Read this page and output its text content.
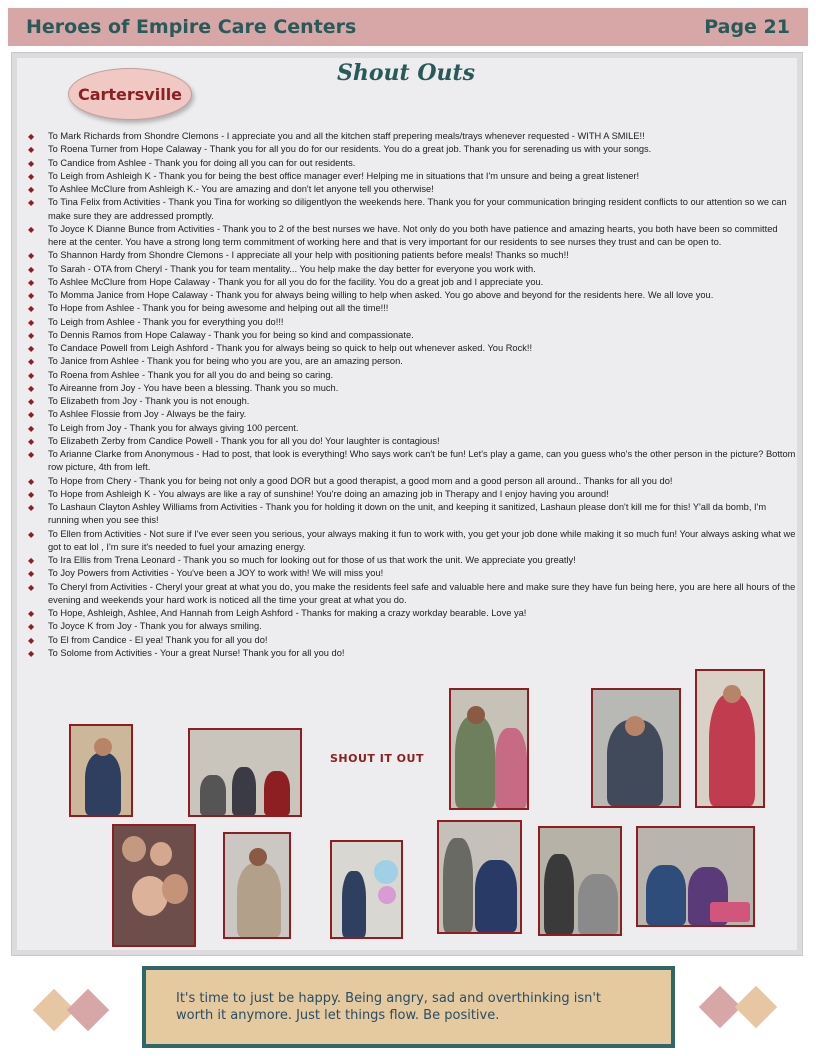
Heroes of Empire Care Centers	Page 21
Cartersville
Shout Outs
◆ To Mark Richards from Shondre Clemons - I appreciate you and all the kitchen staff prepering meals/trays whenever requested - WITH A SMILE!!
◆ To Roena Turner from Hope Calaway - Thank you for all you do for our residents. You do a great job. Thank you for serenading us with your songs.
◆ To Candice from Ashlee - Thank you for doing all you can for out residents.
◆ To Leigh from Ashleigh K - Thank you for being the best office manager ever! Helping me in situations that I'm unsure and being a great listener!
◆ To Ashlee McClure from Ashleigh K.- You are amazing and don't let anyone tell you otherwise!
◆ To Tina Felix from Activities - Thank you Tina for working so diligentlyon the weekends here. Thank you for your communication bringing resident conflicts to our attention so we can make sure they are addressed promptly.
◆ To Joyce K Dianne Bunce from Activities - Thank you to 2 of the best nurses we have. Not only do you both have patience and amazing hearts, you both have been so committed here at the center. You have a strong long term commitment of working here and that is very important for our residents to see nurses they trust and can be open to.
◆ To Shannon Hardy from Shondre Clemons - I appreciate all your help with positioning patients before meals! Thanks so much!!
◆ To Sarah - OTA from Cheryl - Thank you for team mentality... You help make the day better for everyone you work with.
◆ To Ashlee McClure from Hope Calaway - Thank you for all you do for the facility. You do a great job and I appreciate you.
◆ To Momma Janice from Hope Calaway - Thank you for always being willing to help when asked. You go above and beyond for the residents here. We all love you.
◆ To Hope from Ashlee - Thank you for being awesome and helping out all the time!!!
◆ To Leigh from Ashlee - Thank you for everything you do!!!
◆ To Dennis Ramos from Hope Calaway - Thank you for being so kind and compassionate.
◆ To Candace Powell from Leigh Ashford - Thank you for always being so quick to help out whenever asked. You Rock!!
◆ To Janice from Ashlee - Thank you for being who you are you, are an amazing person.
◆ To Roena from Ashlee - Thank you for all you do and being so caring.
◆ To Aireanne from Joy - You have been a blessing. Thank you so much.
◆ To Elizabeth from Joy - Thank you is not enough.
◆ To Ashlee Flossie from Joy - Always be the fairy.
◆ To Leigh from Joy - Thank you for always giving 100 percent.
◆ To Elizabeth Zerby from Candice Powell - Thank you for all you do! Your laughter is contagious!
◆ To Arianne Clarke from Anonymous - Had to post, that look is everything! Who says work can't be fun! Let's play a game, can you guess who's the other person in the picture? Bottom row picture, 4th from left.
◆ To Hope from Chery - Thank you for being not only a good DOR but a good therapist, a good mom and a good person all around.. Thanks for all you do!
◆ To Hope from Ashleigh K - You always are like a ray of sunshine! You're doing an amazing job in Therapy and I enjoy having you around!
◆ To Lashaun Clayton Ashley Williams from Activities - Thank you for holding it down on the unit, and keeping it sanitized, Lashaun please don't kill me for this! Y'all da bomb, I'm running when you see this!
◆ To Ellen from Activities - Not sure if I've ever seen you serious, your always making it fun to work with, you get your job done while making it so much fun! Your always asking what we got to eat lol , I'm sure it's needed to fuel your amazing energy.
◆ To Ira Ellis from Trena Leonard - Thank you so much for looking out for those of us that work the unit. We appreciate you greatly!
◆ To Joy Powers from Activities - You've been a JOY to work with! We will miss you!
◆ To Cheryl from Activities - Cheryl your great at what you do, you make the residents feel safe and valuable here and make sure they have fun being here, you are here all hours of the evening and weekends your hard work is noticed all the time your great at what you do.
◆ To Hope, Ashleigh, Ashlee, And Hannah from Leigh Ashford - Thanks for making a crazy workday bearable. Love ya!
◆ To Joyce K from Joy - Thank you for always smiling.
◆ To El from Candice - El yea! Thank you for all you do!
◆ To Solome from Activities - Your a great Nurse! Thank you for all you do!
SHOUT IT OUT
It's time to just be happy. Being angry, sad and overthinking isn't worth it anymore. Just let things flow. Be positive.
